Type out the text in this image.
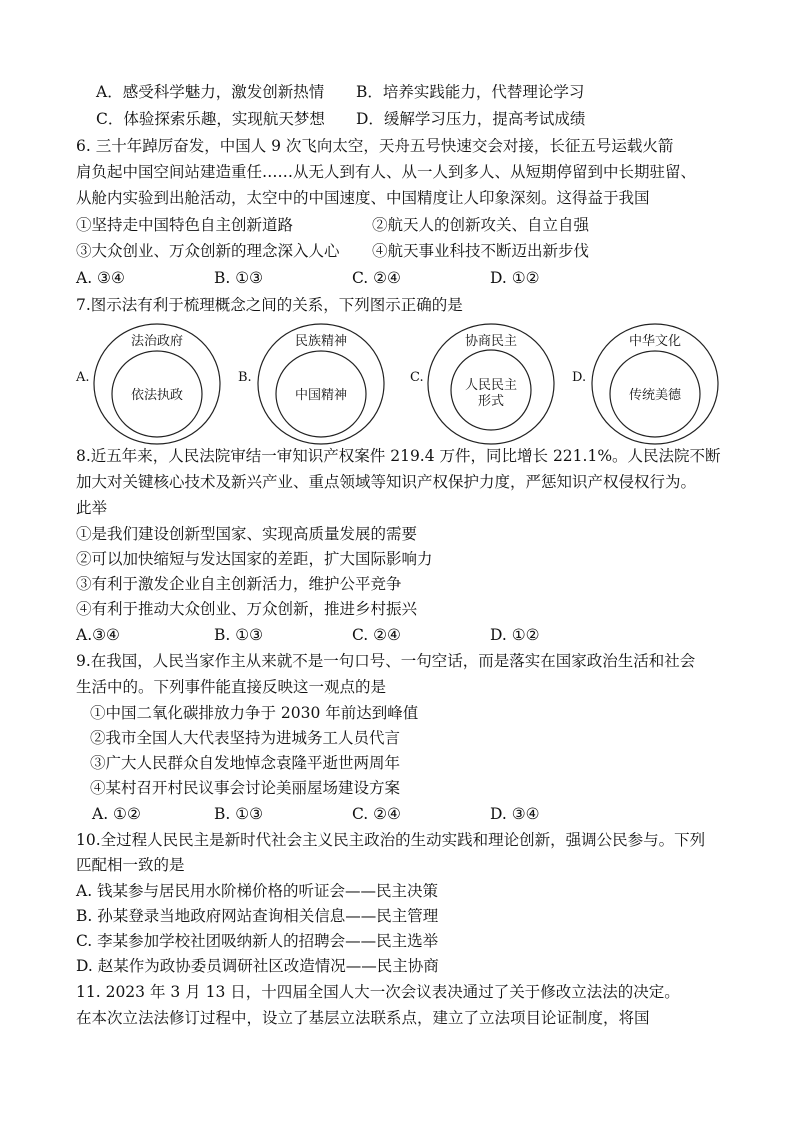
A．感受科学魅力，激发创新热情 B．培养实践能力，代替理论学习
C．体验探索乐趣，实现航天梦想 D．缓解学习压力，提高考试成绩
6. 三十年踔厉奋发，中国人 9 次飞向太空，天舟五号快速交会对接，长征五号运载火箭
肩负起中国空间站建造重任……从无人到有人、从一人到多人、从短期停留到中长期驻留、
从舱内实验到出舱活动，太空中的中国速度、中国精度让人印象深刻。这得益于我国
①坚持走中国特色自主创新道路	②航天人的创新攻关、自立自强
③大众创业、万众创新的理念深入人心 ④航天事业科技不断迈出新步伐
A. ③④	B. ①③	C. ②④	D. ①②
7.图示法有利于梳理概念之间的关系，下列图示正确的是
A.
法治政府
依法执政
B.
民族精神
中国精神
C.
协商民主
人民民主
形式
D.
中华文化
传统美德
8.近五年来，人民法院审结一审知识产权案件 219.4 万件，同比增长 221.1%。人民法院不断
加大对关键核心技术及新兴产业、重点领域等知识产权保护力度，严惩知识产权侵权行为。
此举
①是我们建设创新型国家、实现高质量发展的需要
②可以加快缩短与发达国家的差距，扩大国际影响力
③有利于激发企业自主创新活力，维护公平竞争
④有利于推动大众创业、万众创新，推进乡村振兴
A.③④	B. ①③	C. ②④	D. ①②
9.在我国，人民当家作主从来就不是一句口号、一句空话，而是落实在国家政治生活和社会
生活中的。下列事件能直接反映这一观点的是
①中国二氧化碳排放力争于 2030 年前达到峰值
②我市全国人大代表坚持为进城务工人员代言
③广大人民群众自发地悼念袁隆平逝世两周年
④某村召开村民议事会讨论美丽屋场建设方案
A. ①②	B. ①③	C. ②④	D. ③④
10.全过程人民民主是新时代社会主义民主政治的生动实践和理论创新，强调公民参与。下列
匹配相一致的是
A. 钱某参与居民用水阶梯价格的听证会——民主决策
B. 孙某登录当地政府网站查询相关信息——民主管理
C. 李某参加学校社团吸纳新人的招聘会——民主选举
D. 赵某作为政协委员调研社区改造情况——民主协商
11. 2023 年 3 月 13 日，十四届全国人大一次会议表决通过了关于修改立法法的决定。
在本次立法法修订过程中，设立了基层立法联系点，建立了立法项目论证制度，将国
